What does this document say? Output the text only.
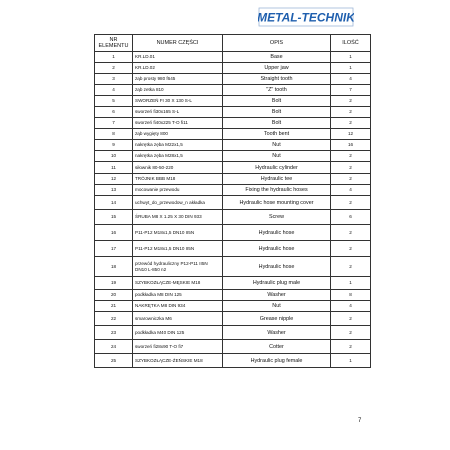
METAL-TECHNIK
NR ELEMENTU	NUMER CZĘŚCI	OPIS	ILOŚĆ
1	KR.LD.01	Base	1
2	KR.LD.02	Upper jaw	1
3	ząb prosty 980 f645	Straight tooth	4
4	ząb zetka 810	"Z" tooth	7
5	SWORZEŃ FI 30 X 130 S-L	Bolt	2
6	sworzeń fi30x165 S-L	Bolt	2
7	sworzeń fi40x225 T-O fi11	Bolt	2
8	ząb wygięty 800	Tooth bent	12
9	nakrętka zęba M22x1,5	Nut	16
10	nakrętka zęba M28x1,5	Nut	2
11	siłownik 80-50-220	Hydraulic cylinder	2
12	TRÓJNIK BBB M18	Hydraulic tee	2
13	mocowanie przewodu	Fixing the hydraulic hoses	4
14	uchwyt_do_przewodow_n akładka	Hydraulic hose mounting cover	2
15	ŚRUBA M8 X 1.25 X 30 DIN 933	Screw	6
16	P11-P12 M18x1,5 DN10 II5N	Hydraulic hose	2
17	P11-P12 M18x1,5 DN10 II5N	Hydraulic hose	2
18	przewód hydrauliczny P12-P11 II5N DN10 L-850 n2	Hydraulic hose	2
19	SZYBKOZŁĄCZE-MĘSKIE M18	Hydraulic plug male	1
20	podkładka M8 DIN 125	Washer	8
21	NAKRĘTKA M8 DIN 934	Nut	4
22	smarowniczka M6	Grease nipple	2
23	podkładka M40 DIN 125	Washer	2
24	sworzeń fi28x90 T-O fi7	Cotter	2
25	SZYBKOZŁĄCZE-ŻEŃSKIE M18	Hydraulic plug female	1
7
